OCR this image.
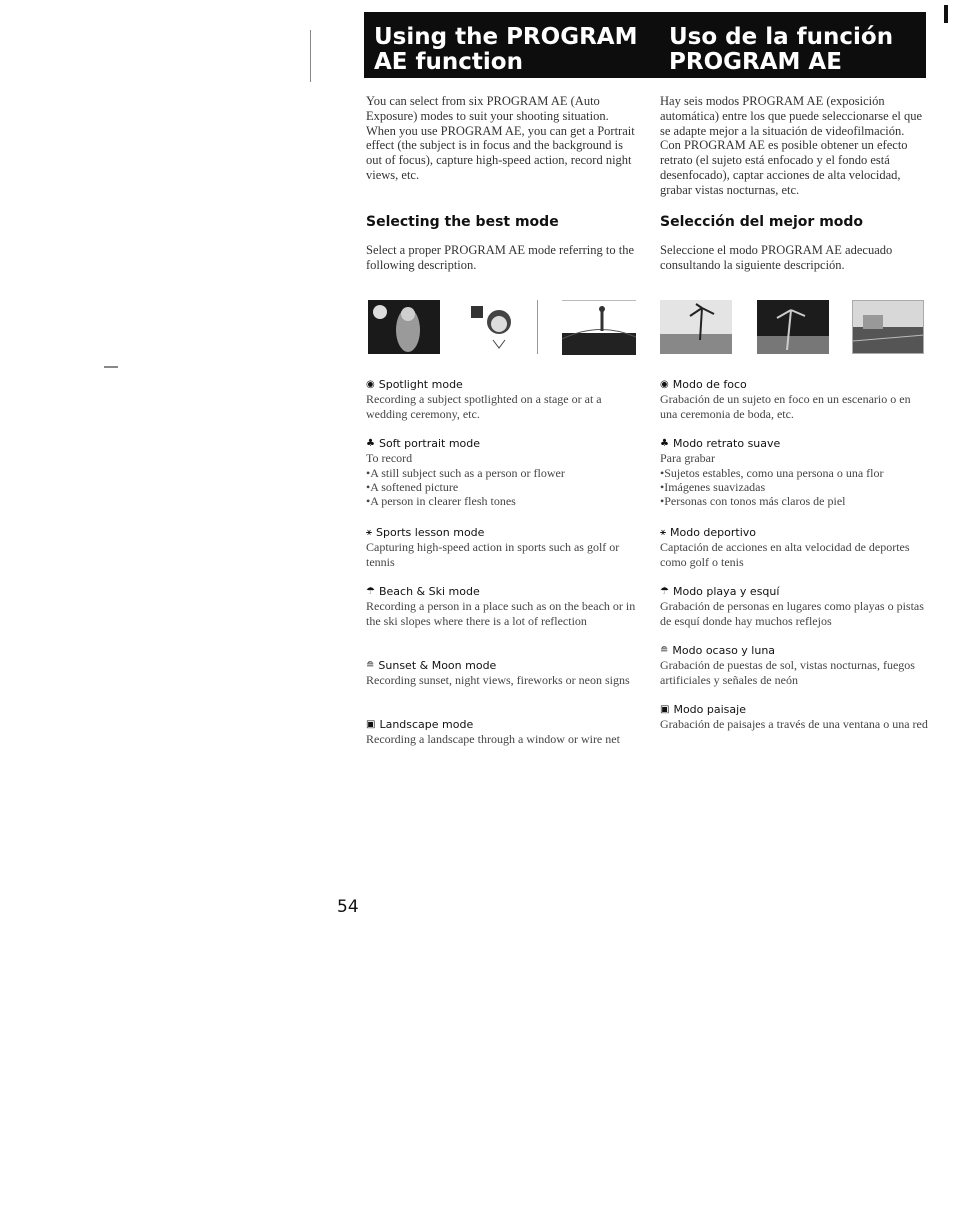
Using the PROGRAM AE function
Uso de la función PROGRAM AE

You can select from six PROGRAM AE (Auto Exposure) modes to suit your shooting situation. When you use PROGRAM AE, you can get a Portrait effect (the subject is in focus and the background is out of focus), capture high-speed action, record night views, etc.

Hay seis modos PROGRAM AE (exposición automática) entre los que puede seleccionarse el que se adapte mejor a la situación de videofilmación. Con PROGRAM AE es posible obtener un efecto retrato (el sujeto está enfocado y el fondo está desenfocado), captar acciones de alta velocidad, grabar vistas nocturnas, etc.

Selecting the best mode

Select a proper PROGRAM AE mode referring to the following description.

Selección del mejor modo

Seleccione el modo PROGRAM AE adecuado consultando la siguiente descripción.

◉ Spotlight mode

Recording a subject spotlighted on a stage or at a wedding ceremony, etc.

♣ Soft portrait mode

To record

• A still subject such as a person or flower
• A softened picture
• A person in clearer flesh tones
⚹ Sports lesson mode

Capturing high-speed action in sports such as golf or tennis

☂ Beach & Ski mode

Recording a person in a place such as on the beach or in the ski slopes where there is a lot of reflection

≘ Sunset & Moon mode

Recording sunset, night views, fireworks or neon signs

▣ Landscape mode

Recording a landscape through a window or wire net

◉ Modo de foco

Grabación de un sujeto en foco en un escenario o en una ceremonia de boda, etc.

♣ Modo retrato suave

Para grabar

• Sujetos estables, como una persona o una flor
• Imágenes suavizadas
• Personas con tonos más claros de piel
⚹ Modo deportivo

Captación de acciones en alta velocidad de deportes como golf o tenis

☂ Modo playa y esquí

Grabación de personas en lugares como playas o pistas de esquí donde hay muchos reflejos

≘ Modo ocaso y luna

Grabación de puestas de sol, vistas nocturnas, fuegos artificiales y señales de neón

▣ Modo paisaje

Grabación de paisajes a través de una ventana o una red

54
